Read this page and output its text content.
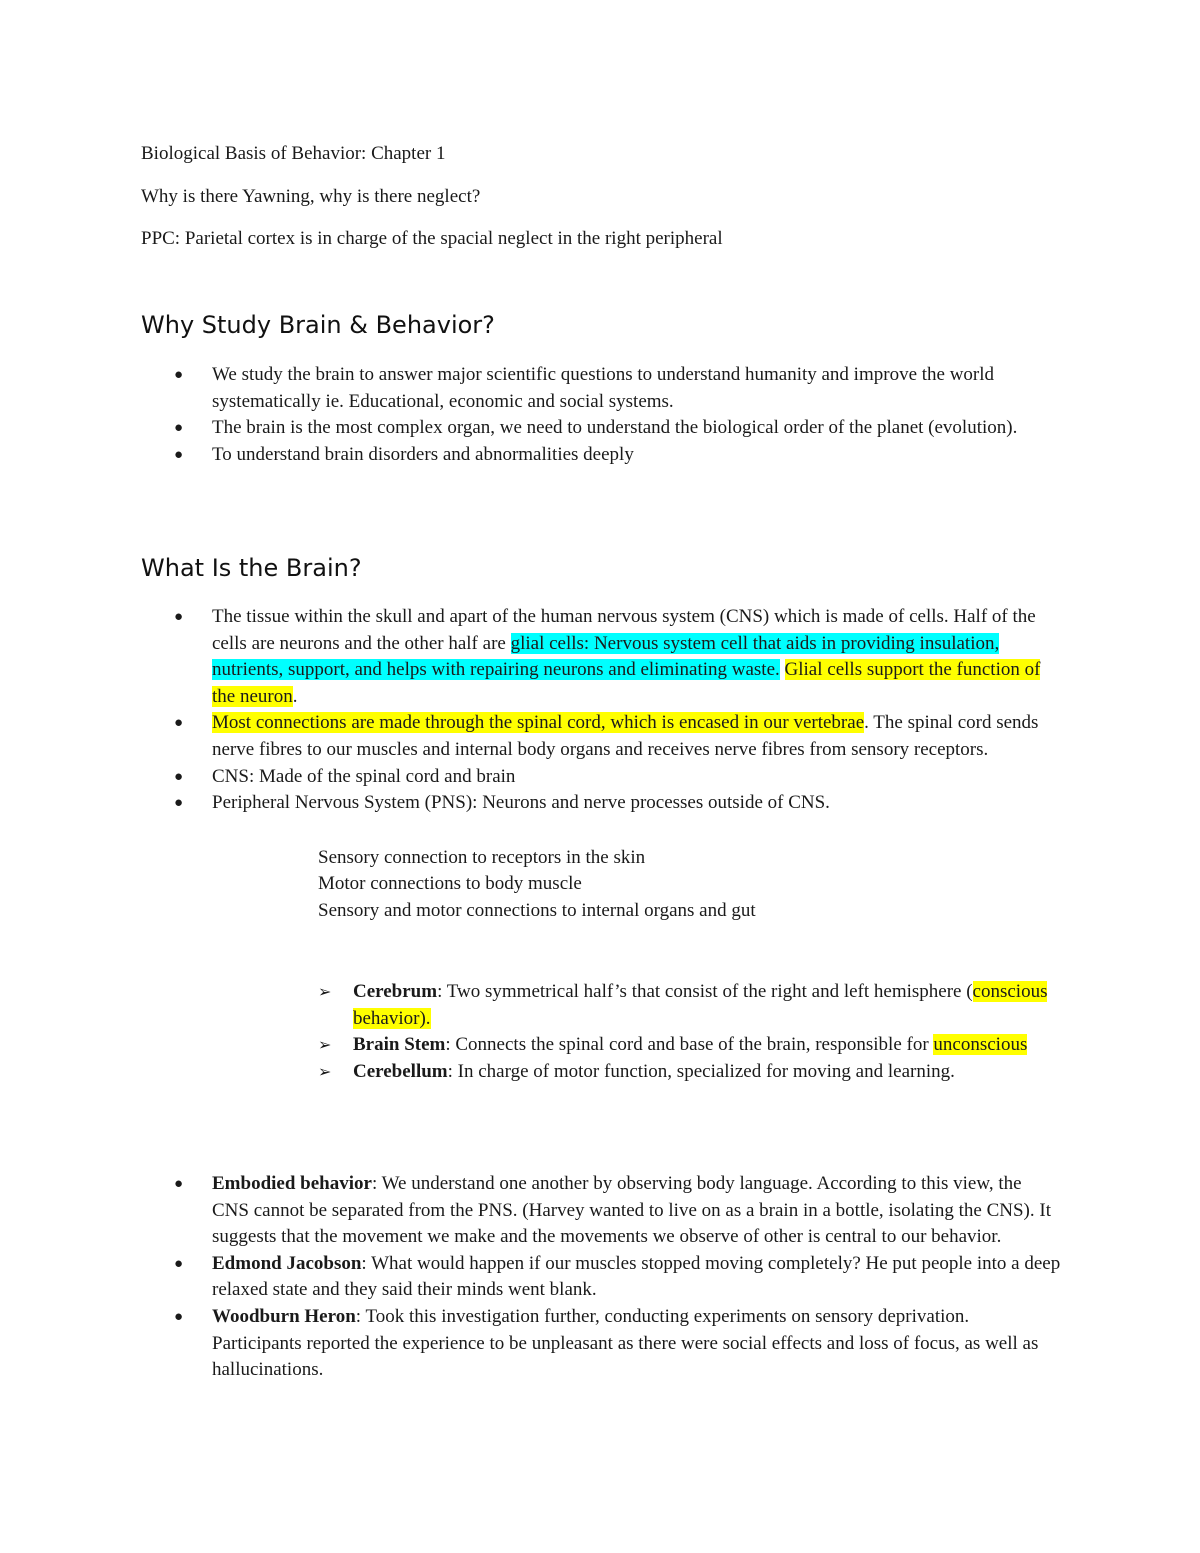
Biological Basis of Behavior: Chapter 1

Why is there Yawning, why is there neglect?

PPC: Parietal cortex is in charge of the spacial neglect in the right peripheral

Why Study Brain & Behavior?
● We study the brain to answer major scientific questions to understand humanity and improve the world systematically ie. Educational, economic and social systems.
● The brain is the most complex organ, we need to understand the biological order of the planet (evolution).
● To understand brain disorders and abnormalities deeply
What Is the Brain?
● The tissue within the skull and apart of the human nervous system (CNS) which is made of cells. Half of the cells are neurons and the other half are glial cells: Nervous system cell that aids in providing insulation, nutrients, support, and helps with repairing neurons and eliminating waste. Glial cells support the function of the neuron.
● Most connections are made through the spinal cord, which is encased in our vertebrae. The spinal cord sends nerve fibres to our muscles and internal body organs and receives nerve fibres from sensory receptors.
● CNS: Made of the spinal cord and brain
● Peripheral Nervous System (PNS): Neurons and nerve processes outside of CNS.

Sensory connection to receptors in the skin

Motor connections to body muscle

Sensory and motor connections to internal organs and gut

➢ Cerebrum: Two symmetrical half’s that consist of the right and left hemisphere (conscious behavior).
➢ Brain Stem: Connects the spinal cord and base of the brain, responsible for unconscious
➢ Cerebellum: In charge of motor function, specialized for moving and learning.
● Embodied behavior: We understand one another by observing body language. According to this view, the CNS cannot be separated from the PNS. (Harvey wanted to live on as a brain in a bottle, isolating the CNS). It suggests that the movement we make and the movements we observe of other is central to our behavior.
● Edmond Jacobson: What would happen if our muscles stopped moving completely? He put people into a deep relaxed state and they said their minds went blank.
● Woodburn Heron: Took this investigation further, conducting experiments on sensory deprivation. Participants reported the experience to be unpleasant as there were social effects and loss of focus, as well as hallucinations.
